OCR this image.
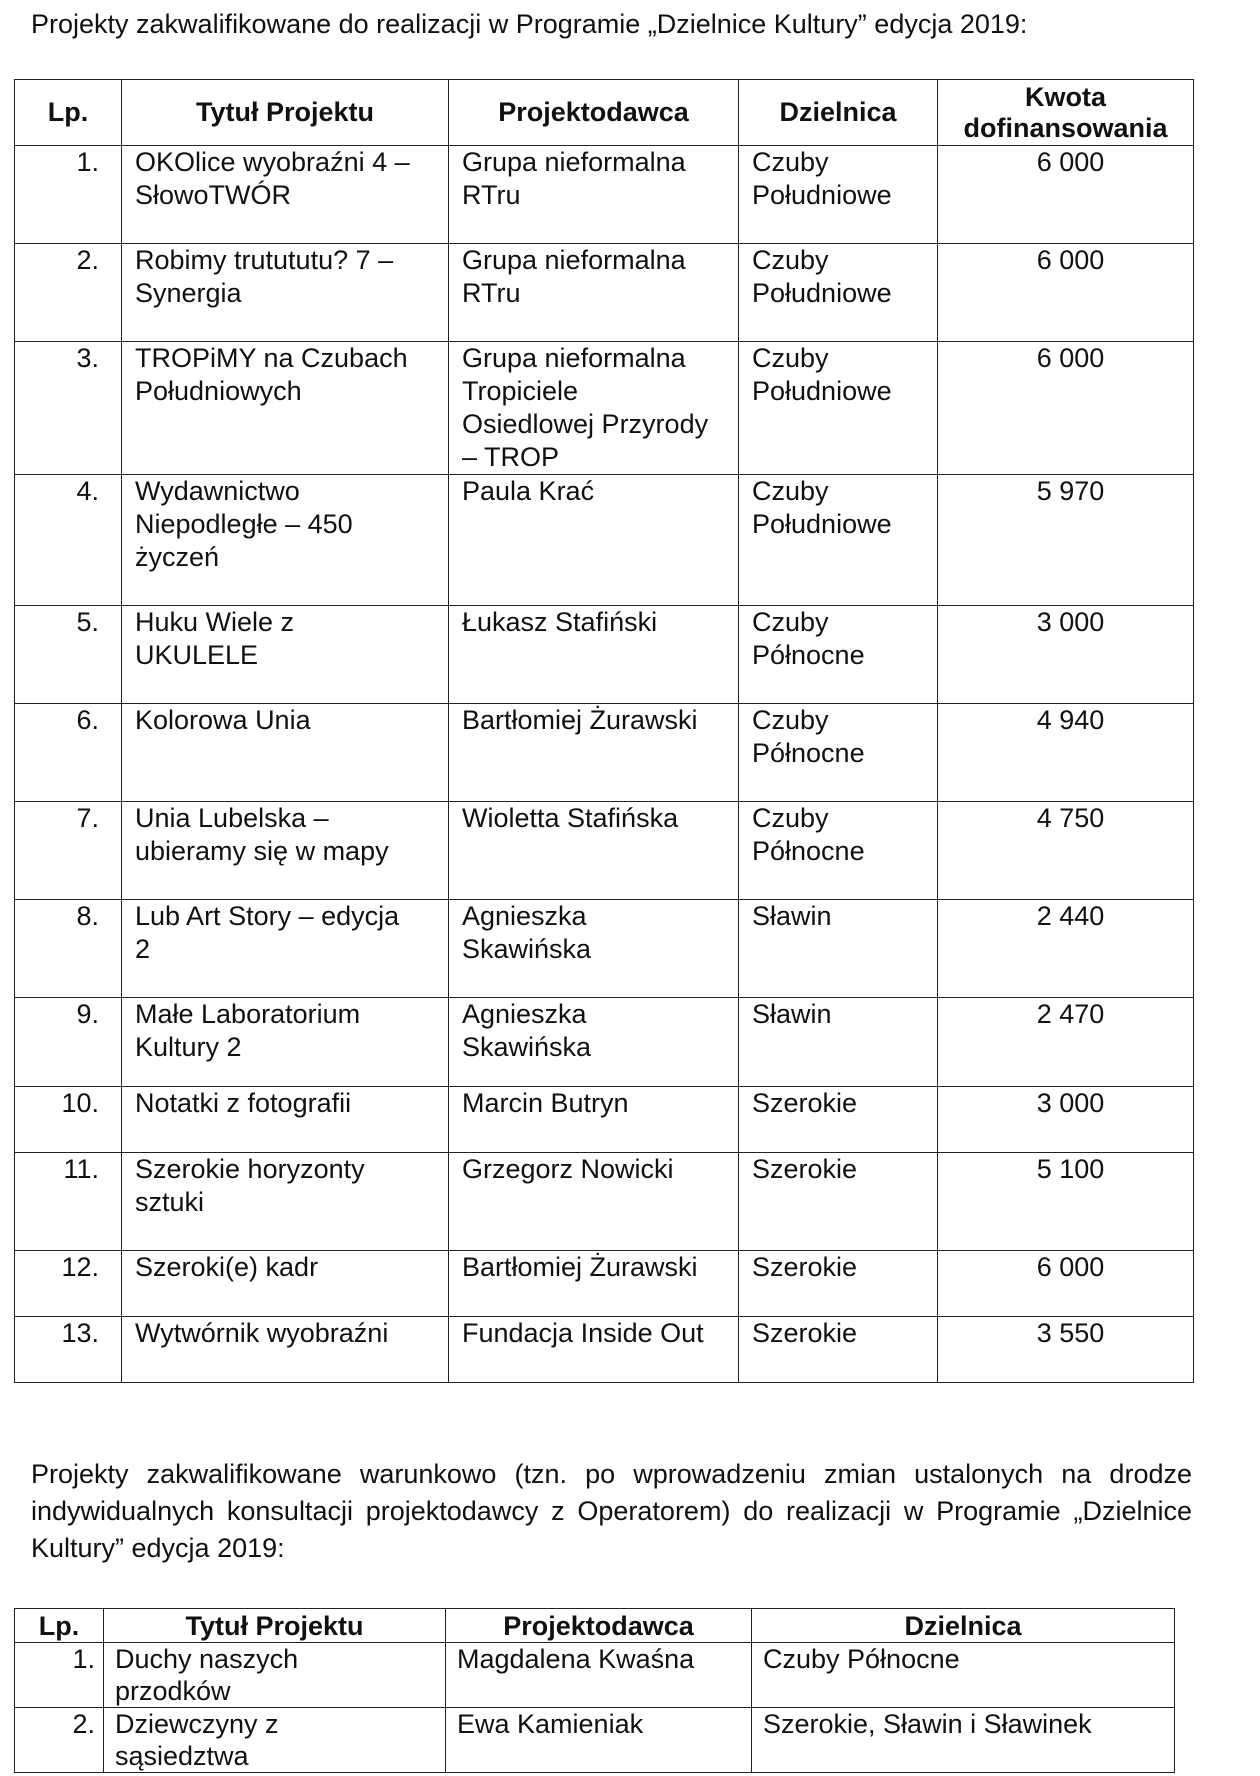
Projekty zakwalifikowane do realizacji w Programie „Dzielnice Kultury” edycja 2019:

Lp.	Tytuł Projektu	Projektodawca	Dzielnica	Kwota
dofinansowania
1.	OKOlice wyobraźni 4 –
SłowoTWÓR	Grupa nieformalna
RTru	Czuby
Południowe	6 000
2.	Robimy trutututu? 7 –
Synergia	Grupa nieformalna
RTru	Czuby
Południowe	6 000
3.	TROPiMY na Czubach
Południowych	Grupa nieformalna
Tropiciele
Osiedlowej Przyrody
– TROP	Czuby
Południowe	6 000
4.	Wydawnictwo
Niepodległe – 450
życzeń	Paula Krać	Czuby
Południowe	5 970
5.	Huku Wiele z
UKULELE	Łukasz Stafiński	Czuby
Północne	3 000
6.	Kolorowa Unia	Bartłomiej Żurawski	Czuby
Północne	4 940
7.	Unia Lubelska –
ubieramy się w mapy	Wioletta Stafińska	Czuby
Północne	4 750
8.	Lub Art Story – edycja
2	Agnieszka
Skawińska	Sławin	2 440
9.	Małe Laboratorium
Kultury 2	Agnieszka
Skawińska	Sławin	2 470
10.	Notatki z fotografii	Marcin Butryn	Szerokie	3 000
11.	Szerokie horyzonty
sztuki	Grzegorz Nowicki	Szerokie	5 100
12.	Szeroki(e) kadr	Bartłomiej Żurawski	Szerokie	6 000
13.	Wytwórnik wyobraźni	Fundacja Inside Out	Szerokie	3 550

Projekty zakwalifikowane warunkowo (tzn. po wprowadzeniu zmian ustalonych na drodze indywidualnych konsultacji projektodawcy z Operatorem) do realizacji w Programie „Dzielnice Kultury” edycja 2019:

Lp.	Tytuł Projektu	Projektodawca	Dzielnica
1.	Duchy naszych
przodków	Magdalena Kwaśna	Czuby Północne
2.	Dziewczyny z
sąsiedztwa	Ewa Kamieniak	Szerokie, Sławin i Sławinek
